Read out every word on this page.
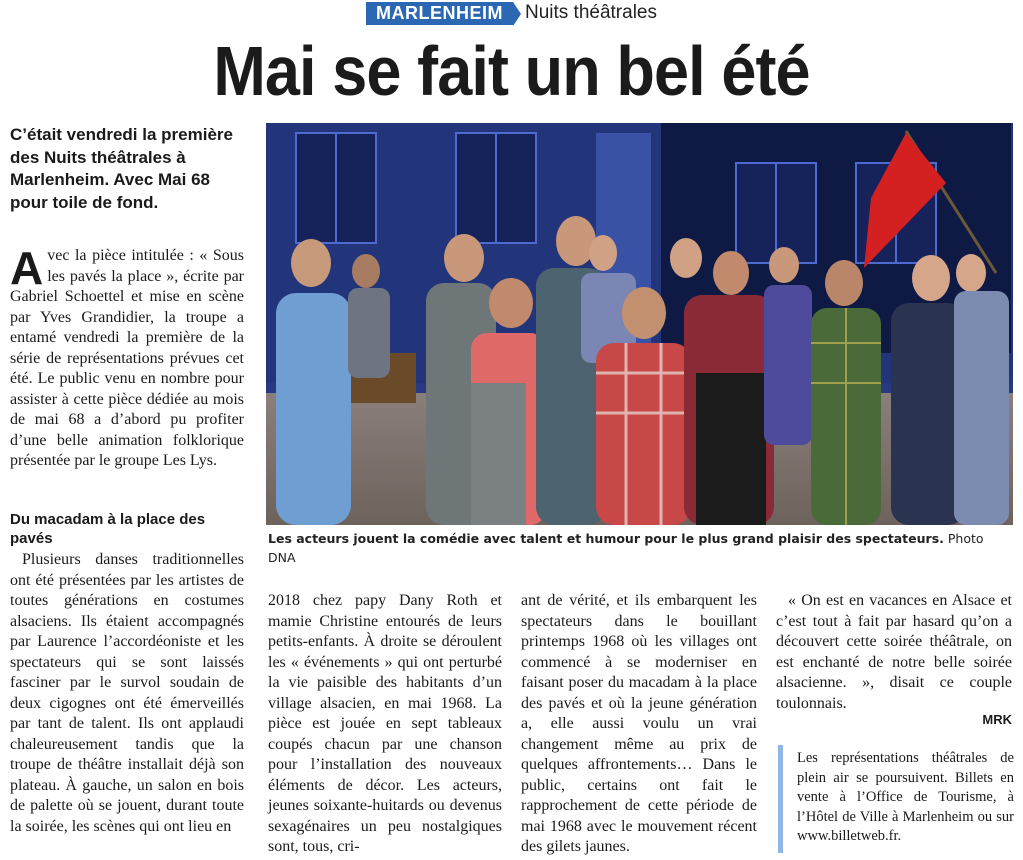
MARLENHEIM Nuits théâtrales
Mai se fait un bel été

C’était vendredi la première des Nuits théâtrales à Marlenheim. Avec Mai 68 pour toile de fond.

Avec la pièce intitulée : « Sous les pavés la place », écrite par Gabriel Schoettel et mise en scène par Yves Grandidier, la troupe a entamé vendredi la première de la série de représentations prévues cet été. Le public venu en nombre pour assister à cette pièce dédiée au mois de mai 68 a d’abord pu profiter d’une belle animation folklorique présentée par le groupe Les Lys.
Du macadam à la place des pavés

Plusieurs danses traditionnelles ont été présentées par les artistes de toutes générations en costumes alsaciens. Ils étaient accompagnés par Laurence l’accordéoniste et les spectateurs qui se sont laissés fasciner par le survol soudain de deux cigognes ont été émerveillés par tant de talent. Ils ont applaudi chaleureusement tandis que la troupe de théâtre installait déjà son plateau. À gauche, un salon en bois de palette où se jouent, durant toute la soirée, les scènes qui ont lieu en

2018 chez papy Dany Roth et mamie Christine entourés de leurs petits-enfants. À droite se déroulent les « événements » qui ont perturbé la vie paisible des habitants d’un village alsacien, en mai 1968. La pièce est jouée en sept tableaux coupés chacun par une chanson pour l’installation des nouveaux éléments de décor. Les acteurs, jeunes soixante-huitards ou devenus sexagénaires un peu nostalgiques sont, tous, cri-

ant de vérité, et ils embarquent les spectateurs dans le bouillant printemps 1968 où les villages ont commencé à se moderniser en faisant poser du macadam à la place des pavés et où la jeune génération a, elle aussi voulu un vrai changement même au prix de quelques affrontements… Dans le public, certains ont fait le rapprochement de cette période de mai 1968 avec le mouvement récent des gilets jaunes.

« On est en vacances en Alsace et c’est tout à fait par hasard qu’on a découvert cette soirée théâtrale, on est enchanté de notre belle soirée alsacienne. », disait ce couple toulonnais.

MRK
Les représentations théâtrales de plein air se poursuivent. Billets en vente à l’Office de Tourisme, à l’Hôtel de Ville à Marlenheim ou sur www.billetweb.fr.
Les acteurs jouent la comédie avec talent et humour pour le plus grand plaisir des spectateurs. Photo DNA
